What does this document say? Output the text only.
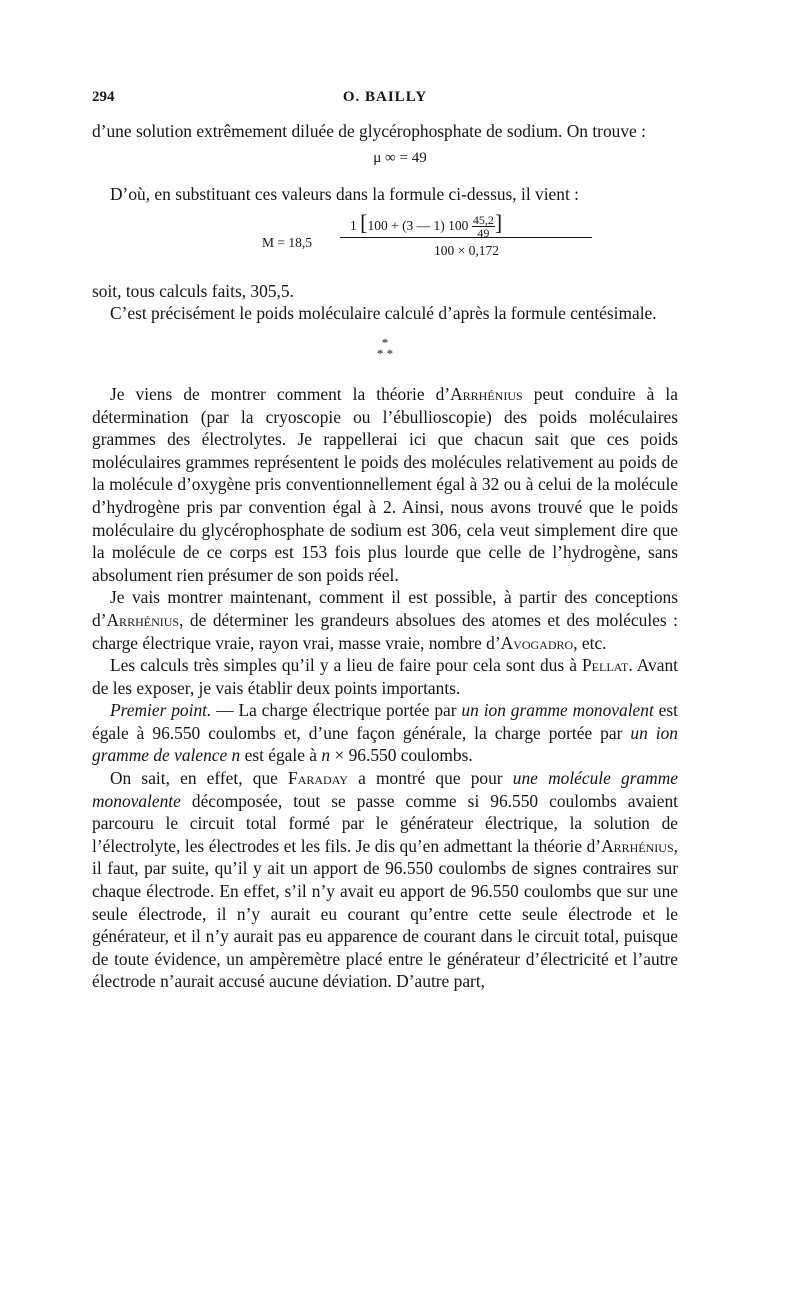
294	O. BAILLY

d’une solution extrêmement diluée de glycérophosphate de sodium. On trouve :

μ ∞ = 49

D’où, en substituant ces valeurs dans la formule ci-dessus, il vient :

M = 18,5
1 [100 + (3 — 1) $100 \frac{45,2}{49}$ ]
100 × 0,172

soit, tous calculs faits, 305,5.

C’est précisément le poids moléculaire calculé d’après la formule centésimale.

*
* *

Je viens de montrer comment la théorie d’Arrhénius peut conduire à la détermination (par la cryoscopie ou l’ébullioscopie) des poids moléculaires grammes des électrolytes. Je rappellerai ici que chacun sait que ces poids moléculaires grammes représentent le poids des molécules relativement au poids de la molécule d’oxygène pris conventionnellement égal à 32 ou à celui de la molécule d’hydrogène pris par convention égal à 2. Ainsi, nous avons trouvé que le poids moléculaire du glycérophosphate de sodium est 306, cela veut simplement dire que la molécule de ce corps est 153 fois plus lourde que celle de l’hydrogène, sans absolument rien présumer de son poids réel.

Je vais montrer maintenant, comment il est possible, à partir des conceptions d’Arrhénius, de déterminer les grandeurs absolues des atomes et des molécules : charge électrique vraie, rayon vrai, masse vraie, nombre d’Avogadro, etc.

Les calculs très simples qu’il y a lieu de faire pour cela sont dus à Pellat. Avant de les exposer, je vais établir deux points importants.

Premier point. — La charge électrique portée par un ion gramme monovalent est égale à 96.550 coulombs et, d’une façon générale, la charge portée par un ion gramme de valence n est égale à n × 96.550 coulombs.

On sait, en effet, que Faraday a montré que pour une molécule gramme monovalente décomposée, tout se passe comme si 96.550 coulombs avaient parcouru le circuit total formé par le générateur électrique, la solution de l’électrolyte, les électrodes et les fils. Je dis qu’en admettant la théorie d’Arrhénius, il faut, par suite, qu’il y ait un apport de 96.550 coulombs de signes contraires sur chaque électrode. En effet, s’il n’y avait eu apport de 96.550 coulombs que sur une seule électrode, il n’y aurait eu courant qu’entre cette seule électrode et le générateur, et il n’y aurait pas eu apparence de courant dans le circuit total, puisque de toute évidence, un ampèremètre placé entre le générateur d’électricité et l’autre électrode n’aurait accusé aucune déviation. D’autre part,
